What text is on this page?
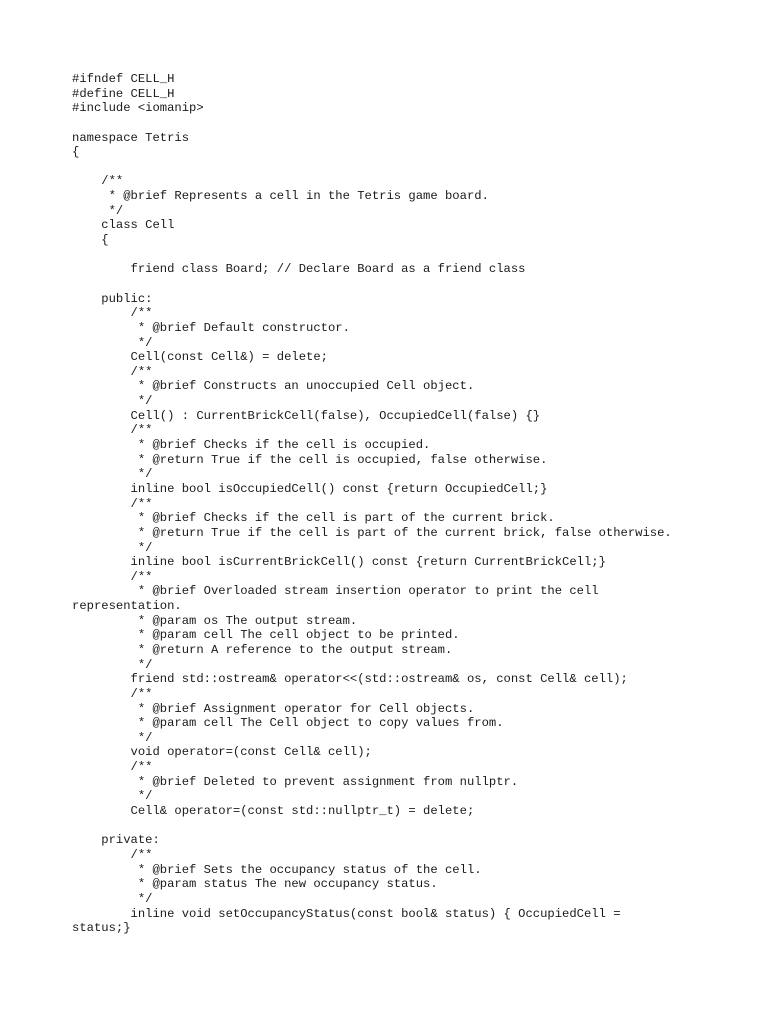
#ifndef CELL_H
#define CELL_H
#include <iomanip>
namespace Tetris
{
/**
* @brief Represents a cell in the Tetris game board.
*/
class Cell
{
friend class Board; // Declare Board as a friend class
public:
/**
* @brief Default constructor.
*/
Cell(const Cell&) = delete;
/**
* @brief Constructs an unoccupied Cell object.
*/
Cell() : CurrentBrickCell(false), OccupiedCell(false) {}
/**
* @brief Checks if the cell is occupied.
* @return True if the cell is occupied, false otherwise.
*/
inline bool isOccupiedCell() const {return OccupiedCell;}
/**
* @brief Checks if the cell is part of the current brick.
* @return True if the cell is part of the current brick, false otherwise.
*/
inline bool isCurrentBrickCell() const {return CurrentBrickCell;}
/**
* @brief Overloaded stream insertion operator to print the cell
representation.
* @param os The output stream.
* @param cell The cell object to be printed.
* @return A reference to the output stream.
*/
friend std::ostream& operator<<(std::ostream& os, const Cell& cell);
/**
* @brief Assignment operator for Cell objects.
* @param cell The Cell object to copy values from.
*/
void operator=(const Cell& cell);
/**
* @brief Deleted to prevent assignment from nullptr.
*/
Cell& operator=(const std::nullptr_t) = delete;
private:
/**
* @brief Sets the occupancy status of the cell.
* @param status The new occupancy status.
*/
inline void setOccupancyStatus(const bool& status) { OccupiedCell =
status;}
